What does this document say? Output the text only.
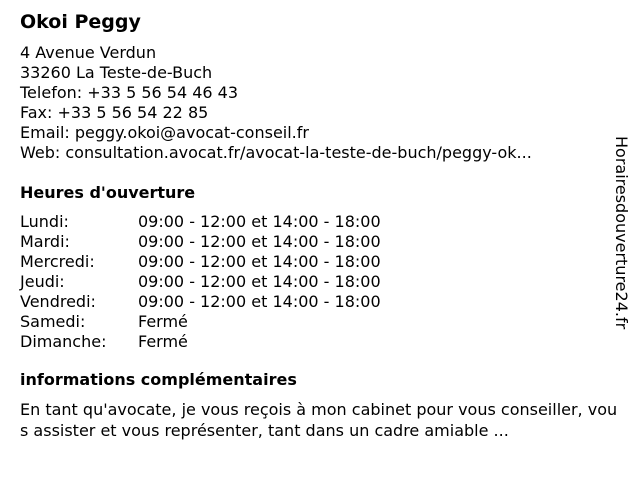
Okoi Peggy
4 Avenue Verdun
33260 La Teste-de-Buch
Telefon: +33 5 56 54 46 43
Fax: +33 5 56 54 22 85
Email: peggy.okoi@avocat-conseil.fr
Web: consultation.avocat.fr/avocat-la-teste-de-buch/peggy-ok...
Heures d'ouverture
Lundi:	09:00 - 12:00 et 14:00 - 18:00
Mardi:	09:00 - 12:00 et 14:00 - 18:00
Mercredi:	09:00 - 12:00 et 14:00 - 18:00
Jeudi:	09:00 - 12:00 et 14:00 - 18:00
Vendredi:	09:00 - 12:00 et 14:00 - 18:00
Samedi:	Fermé
Dimanche:	Fermé
informations complémentaires
En tant qu'avocate, je vous reçois à mon cabinet pour vous conseiller, vous assister et vous représenter, tant dans un cadre amiable ...
Horairesdouverture24.fr
